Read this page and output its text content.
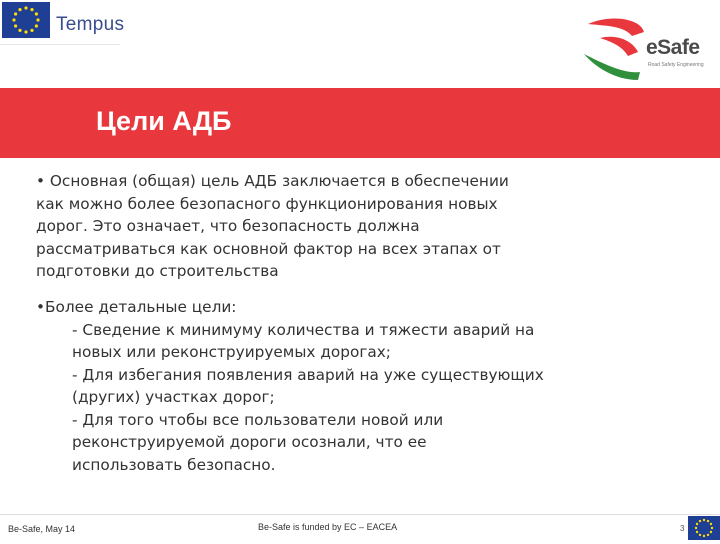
Tempus
eSafe
Road Safety Engineering
Цели АДБ
• Основная (общая) цель АДБ заключается в обеспечении
как можно более безопасного функционирования новых
дорог. Это означает, что безопасность должна
рассматриваться как основной фактор на всех этапах от
подготовки до строительства
•Более детальные цели:
- Сведение к минимуму количества и тяжести аварий на
новых или реконструируемых дорогах;
- Для избегания появления аварий на уже существующих
(других) участках дорог;
- Для того чтобы все пользователи новой или
реконструируемой дороги осознали, что ее
использовать безопасно.
Be-Safe, May 14	Be-Safe is funded by EC – EACEA	3
